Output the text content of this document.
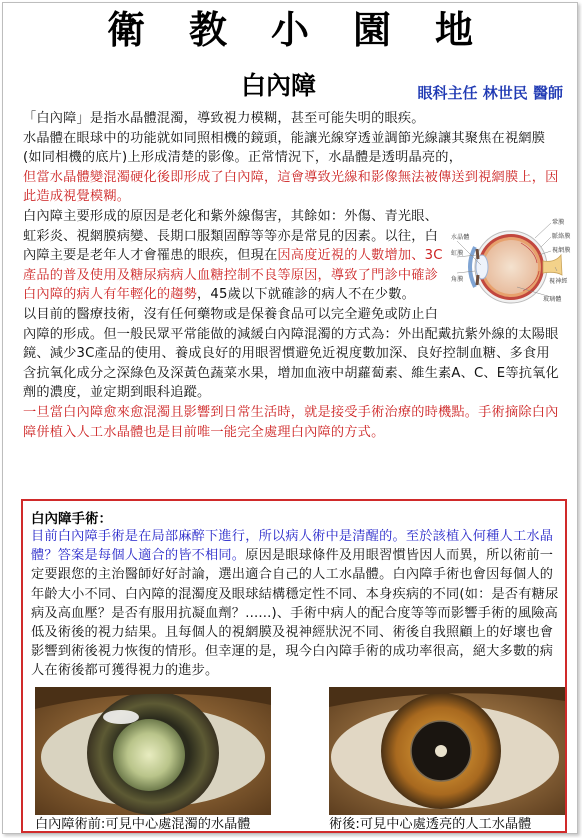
衛教小園地
白內障	眼科主任 林世民 醫師

「白內障」是指水晶體混濁，導致視力模糊，甚至可能失明的眼疾。

水晶體在眼球中的功能就如同照相機的鏡頭，能讓光線穿透並調節光線讓其聚焦在視網膜(如同相機的底片)上形成清楚的影像。正常情況下，水晶體是透明晶亮的，
但當水晶體變混濁硬化後即形成了白內障，這會導致光線和影像無法被傳送到視網膜上，因此造成視覺模糊。

鞏膜
脈絡膜
視網膜
視神經
玻璃體
水晶體
虹膜
角膜
白內障主要形成的原因是老化和紫外線傷害，其餘如：外傷、青光眼、虹彩炎、視網膜病變、長期口服類固醇等等亦是常見的因素。以往，白內障主要是老年人才會罹患的眼疾，但現在因高度近視的人數增加、3C產品的普及使用及糖尿病病人血糖控制不良等原因，導致了門診中確診白內障的病人有年輕化的趨勢，45歲以下就確診的病人不在少數。

以目前的醫療技術，沒有任何藥物或是保養食品可以完全避免或防止白內障的形成。但一般民眾平常能做的減緩白內障混濁的方式為：外出配戴抗紫外線的太陽眼鏡、減少3C產品的使用、養成良好的用眼習慣避免近視度數加深、良好控制血糖、多食用含抗氧化成分之深綠色及深黃色蔬菜水果，增加血液中胡蘿蔔素、維生素A、C、E等抗氧化劑的濃度，並定期到眼科追蹤。

一旦當白內障愈來愈混濁且影響到日常生活時，就是接受手術治療的時機點。手術摘除白內障併植入人工水晶體也是目前唯一能完全處理白內障的方式。

白內障手術：
目前白內障手術是在局部麻醉下進行，所以病人術中是清醒的。至於該植入何種人工水晶體？答案是每個人適合的皆不相同。原因是眼球條件及用眼習慣皆因人而異，所以術前一定要跟您的主治醫師好好討論，選出適合自己的人工水晶體。白內障手術也會因每個人的年齡大小不同、白內障的混濁度及眼球結構穩定性不同、本身疾病的不同(如：是否有糖尿病及高血壓？是否有服用抗凝血劑？......)、手術中病人的配合度等等而影響手術的風險高低及術後的視力結果。且每個人的視網膜及視神經狀況不同、術後自我照顧上的好壞也會影響到術後視力恢復的情形。但幸運的是，現今白內障手術的成功率很高，絕大多數的病人在術後都可獲得視力的進步。
白內障術前:可見中心處混濁的水晶體	術後:可見中心處透亮的人工水晶體
